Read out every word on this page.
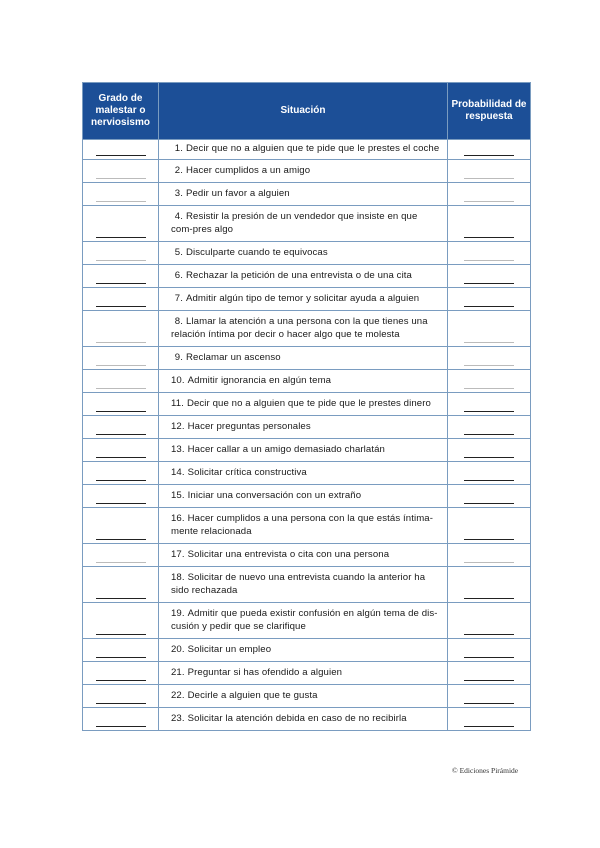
Grado de malestar o nerviosismo	Situación	Probabilidad de respuesta

	1. Decir que no a alguien que te pide que le prestes el coche	

	2. Hacer cumplidos a un amigo	

	3. Pedir un favor a alguien	

	4. Resistir la presión de un vendedor que insiste en que com-pres algo	

	5. Disculparte cuando te equivocas	

	6. Rechazar la petición de una entrevista o de una cita	

	7. Admitir algún tipo de temor y solicitar ayuda a alguien	

	8. Llamar la atención a una persona con la que tienes una relación íntima por decir o hacer algo que te molesta	

	9. Reclamar un ascenso	

	10. Admitir ignorancia en algún tema	

	11. Decir que no a alguien que te pide que le prestes dinero	

	12. Hacer preguntas personales	

	13. Hacer callar a un amigo demasiado charlatán	

	14. Solicitar crítica constructiva	

	15. Iniciar una conversación con un extraño	

	16. Hacer cumplidos a una persona con la que estás íntima-mente relacionada	

	17. Solicitar una entrevista o cita con una persona	

	18. Solicitar de nuevo una entrevista cuando la anterior ha sido rechazada	

	19. Admitir que pueda existir confusión en algún tema de dis-cusión y pedir que se clarifique	

	20. Solicitar un empleo	

	21. Preguntar si has ofendido a alguien	

	22. Decirle a alguien que te gusta	

	23. Solicitar la atención debida en caso de no recibirla	

© Ediciones Pirámide
